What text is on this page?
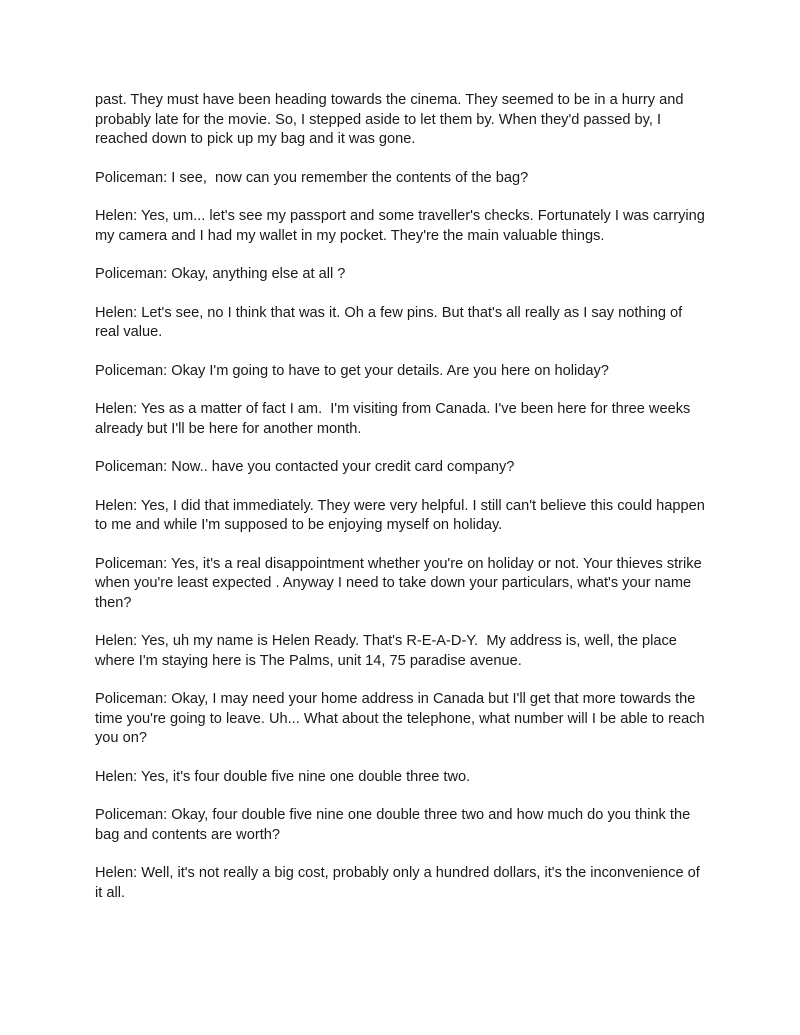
past. They must have been heading towards the cinema. They seemed to be in a hurry and probably late for the movie. So, I stepped aside to let them by. When they'd passed by, I reached down to pick up my bag and it was gone.

Policeman: I see,  now can you remember the contents of the bag?

Helen: Yes, um... let's see my passport and some traveller's checks. Fortunately I was carrying my camera and I had my wallet in my pocket. They're the main valuable things.

Policeman: Okay, anything else at all ?

Helen: Let's see, no I think that was it. Oh a few pins. But that's all really as I say nothing of real value.

Policeman: Okay I'm going to have to get your details. Are you here on holiday?

Helen: Yes as a matter of fact I am.  I'm visiting from Canada. I've been here for three weeks already but I'll be here for another month.

Policeman: Now.. have you contacted your credit card company?

Helen: Yes, I did that immediately. They were very helpful. I still can't believe this could happen to me and while I'm supposed to be enjoying myself on holiday.

Policeman: Yes, it's a real disappointment whether you're on holiday or not. Your thieves strike when you're least expected . Anyway I need to take down your particulars, what's your name then?

Helen: Yes, uh my name is Helen Ready. That's R-E-A-D-Y.  My address is, well, the place where I'm staying here is The Palms, unit 14, 75 paradise avenue.

Policeman: Okay, I may need your home address in Canada but I'll get that more towards the time you're going to leave. Uh... What about the telephone, what number will I be able to reach you on?

Helen: Yes, it's four double five nine one double three two.

Policeman: Okay, four double five nine one double three two and how much do you think the bag and contents are worth?

Helen: Well, it's not really a big cost, probably only a hundred dollars, it's the inconvenience of it all.
